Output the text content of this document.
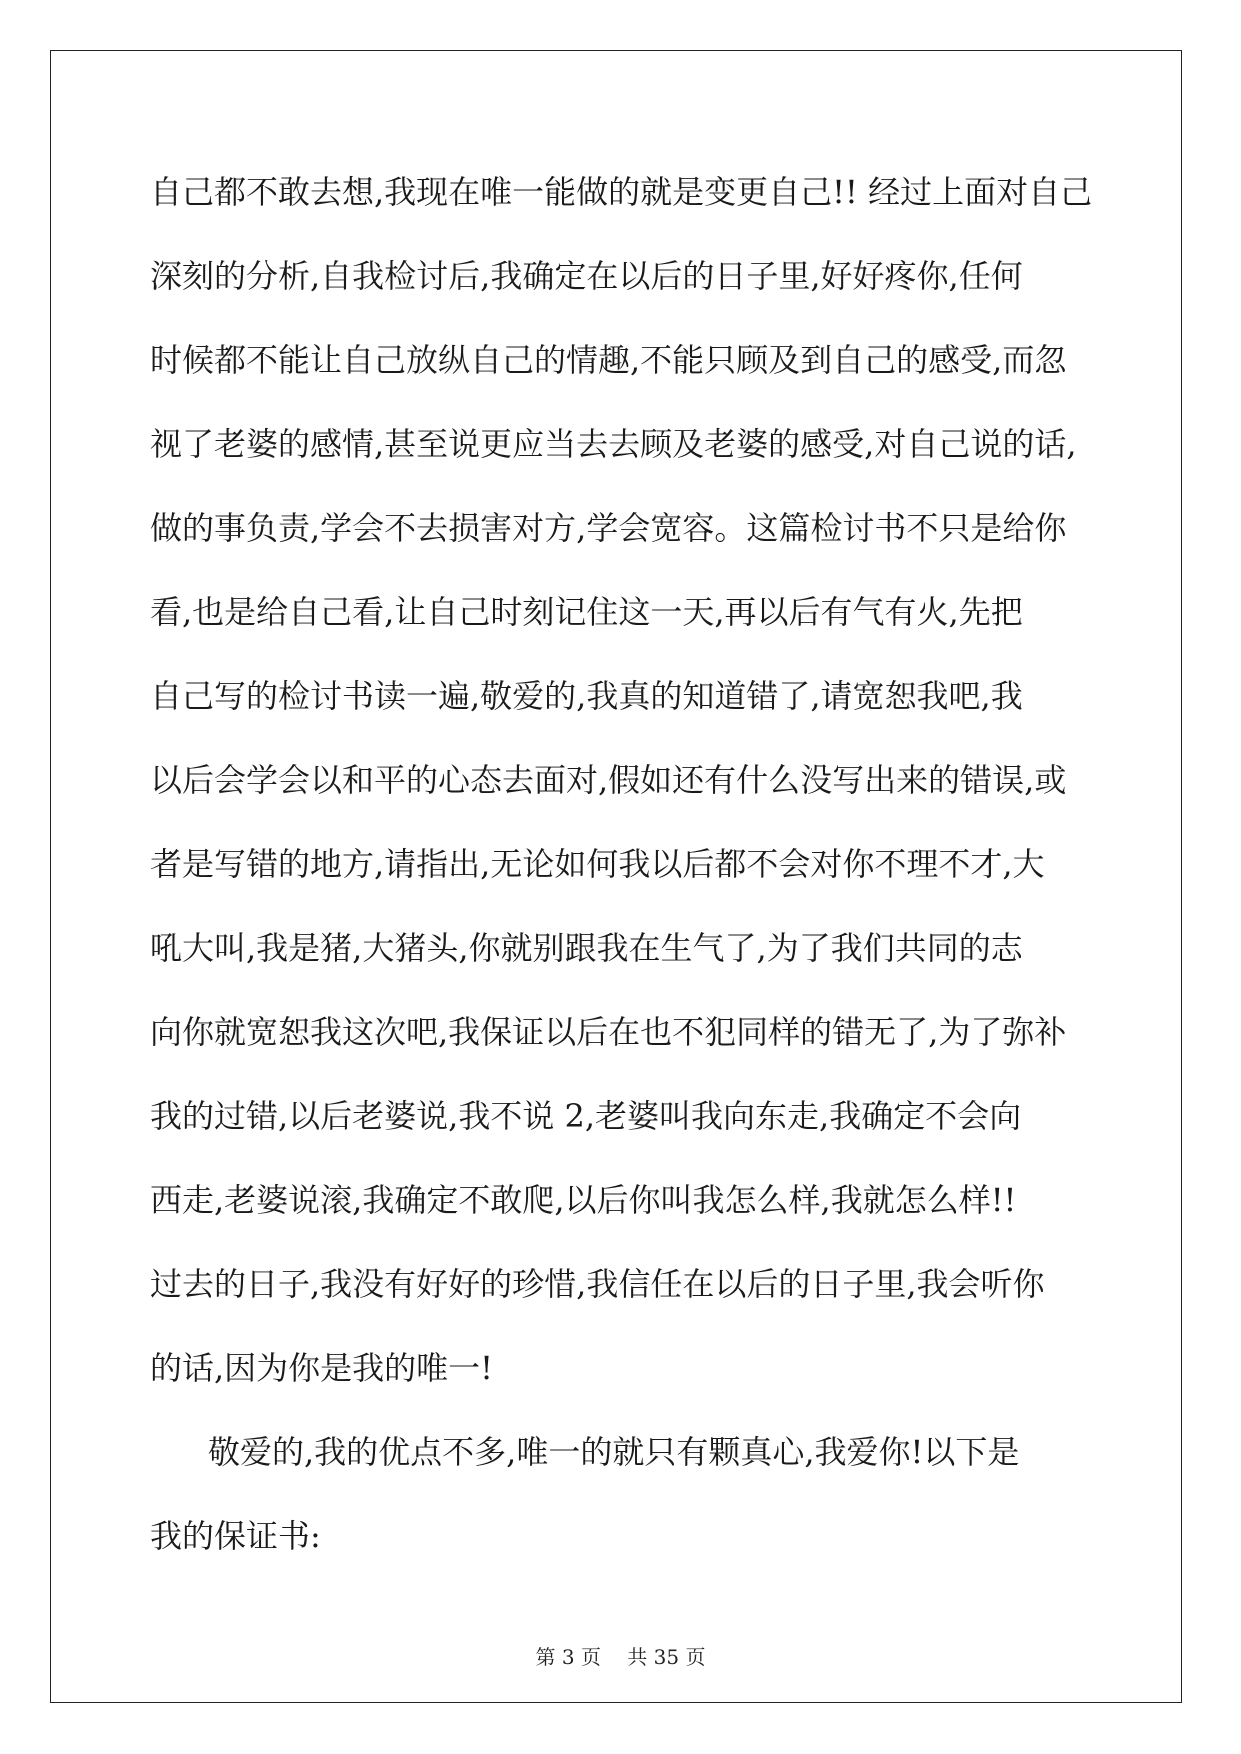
自己都不敢去想,我现在唯一能做的就是变更自己!! 经过上面对自己
深刻的分析,自我检讨后,我确定在以后的日子里,好好疼你,任何
时候都不能让自己放纵自己的情趣,不能只顾及到自己的感受,而忽
视了老婆的感情,甚至说更应当去去顾及老婆的感受,对自己说的话,
做的事负责,学会不去损害对方,学会宽容。这篇检讨书不只是给你
看,也是给自己看,让自己时刻记住这一天,再以后有气有火,先把
自己写的检讨书读一遍,敬爱的,我真的知道错了,请宽恕我吧,我
以后会学会以和平的心态去面对,假如还有什么没写出来的错误,或
者是写错的地方,请指出,无论如何我以后都不会对你不理不才,大
吼大叫,我是猪,大猪头,你就别跟我在生气了,为了我们共同的志
向你就宽恕我这次吧,我保证以后在也不犯同样的错无了,为了弥补
我的过错,以后老婆说,我不说 2,老婆叫我向东走,我确定不会向
西走,老婆说滚,我确定不敢爬,以后你叫我怎么样,我就怎么样!!
过去的日子,我没有好好的珍惜,我信任在以后的日子里,我会听你
的话,因为你是我的唯一!
敬爱的,我的优点不多,唯一的就只有颗真心,我爱你!以下是
我的保证书:
第 3 页　 共 35 页
